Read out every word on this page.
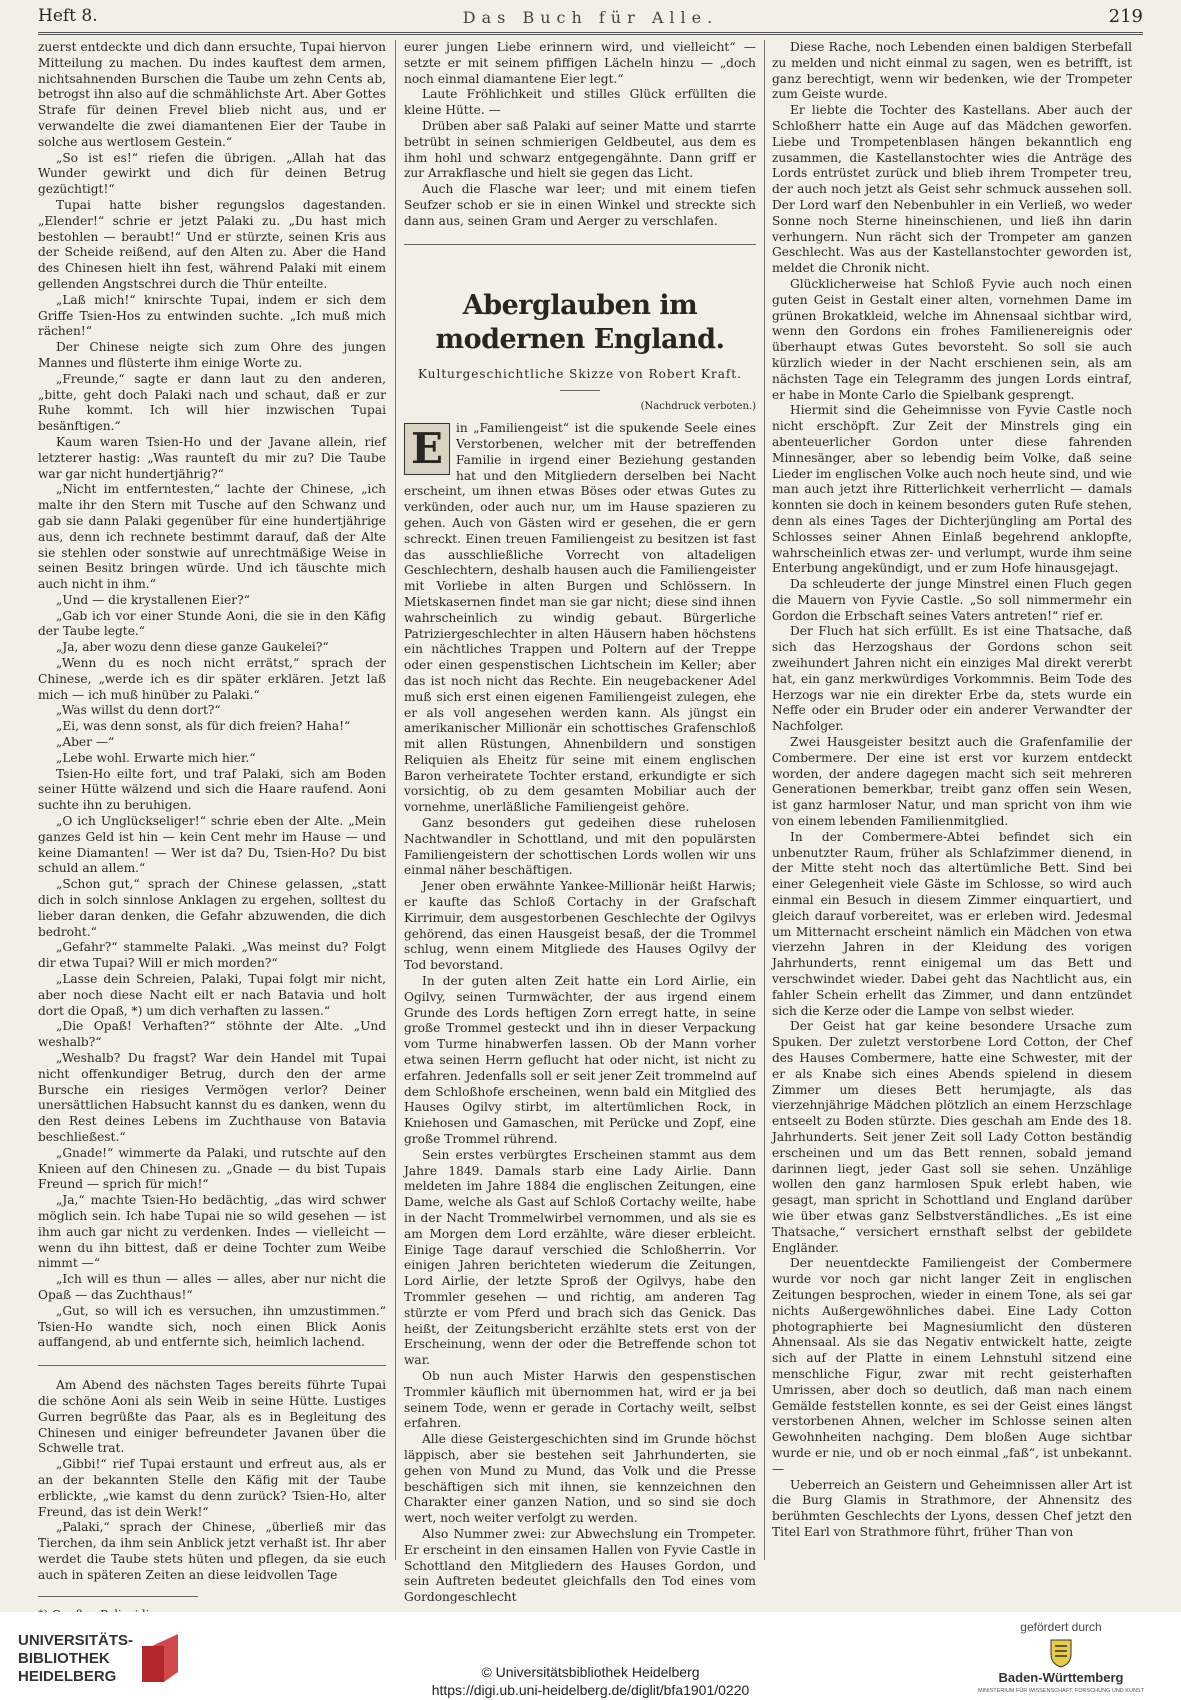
Heft 8.	Das Buch für Alle.	219

zuerst entdeckte und dich dann ersuchte, Tupai hiervon Mitteilung zu machen. Du indes kauftest dem armen, nichtsahnenden Burschen die Taube um zehn Cents ab, betrogst ihn also auf die schmählichste Art. Aber Gottes Strafe für deinen Frevel blieb nicht aus, und er verwandelte die zwei diamantenen Eier der Taube in solche aus wertlosem Gestein.“

„So ist es!“ riefen die übrigen. „Allah hat das Wunder gewirkt und dich für deinen Betrug gezüchtigt!“

Tupai hatte bisher regungslos dagestanden. „Elender!“ schrie er jetzt Palaki zu. „Du hast mich bestohlen — beraubt!“ Und er stürzte, seinen Kris aus der Scheide reißend, auf den Alten zu. Aber die Hand des Chinesen hielt ihn fest, während Palaki mit einem gellenden Angstschrei durch die Thür enteilte.

„Laß mich!“ knirschte Tupai, indem er sich dem Griffe Tsien-Hos zu entwinden suchte. „Ich muß mich rächen!“

Der Chinese neigte sich zum Ohre des jungen Mannes und flüsterte ihm einige Worte zu.

„Freunde,“ sagte er dann laut zu den anderen, „bitte, geht doch Palaki nach und schaut, daß er zur Ruhe kommt. Ich will hier inzwischen Tupai besänftigen.“

Kaum waren Tsien-Ho und der Javane allein, rief letzterer hastig: „Was raunteſt du mir zu? Die Taube war gar nicht hundertjährig?“

„Nicht im entferntesten,“ lachte der Chinese, „ich malte ihr den Stern mit Tusche auf den Schwanz und gab sie dann Palaki gegenüber für eine hundertjährige aus, denn ich rechnete bestimmt darauf, daß der Alte sie stehlen oder sonstwie auf unrechtmäßige Weise in seinen Besitz bringen würde. Und ich täuschte mich auch nicht in ihm.“

„Und — die krystallenen Eier?“

„Gab ich vor einer Stunde Aoni, die sie in den Käfig der Taube legte.“

„Ja, aber wozu denn diese ganze Gaukelei?“

„Wenn du es noch nicht errätst,“ sprach der Chinese, „werde ich es dir später erklären. Jetzt laß mich — ich muß hinüber zu Palaki.“

„Was willst du denn dort?“

„Ei, was denn sonst, als für dich freien? Haha!“

„Aber —“

„Lebe wohl. Erwarte mich hier.“

Tsien-Ho eilte fort, und traf Palaki, sich am Boden seiner Hütte wälzend und sich die Haare raufend. Aoni suchte ihn zu beruhigen.

„O ich Unglückseliger!“ schrie eben der Alte. „Mein ganzes Geld ist hin — kein Cent mehr im Hause — und keine Diamanten! — Wer ist da? Du, Tsien-Ho? Du bist schuld an allem.“

„Schon gut,“ sprach der Chinese gelassen, „statt dich in solch sinnlose Anklagen zu ergehen, solltest du lieber daran denken, die Gefahr abzuwenden, die dich bedroht.“

„Gefahr?“ stammelte Palaki. „Was meinst du? Folgt dir etwa Tupai? Will er mich morden?“

„Lasse dein Schreien, Palaki, Tupai folgt mir nicht, aber noch diese Nacht eilt er nach Batavia und holt dort die Opaß, *) um dich verhaften zu lassen.“

„Die Opaß! Verhaften?“ stöhnte der Alte. „Und weshalb?“

„Weshalb? Du fragst? War dein Handel mit Tupai nicht offenkundiger Betrug, durch den der arme Bursche ein riesiges Vermögen verlor? Deiner unersättlichen Habsucht kannst du es danken, wenn du den Rest deines Lebens im Zuchthause von Batavia beschließest.“

„Gnade!“ wimmerte da Palaki, und rutschte auf den Knieen auf den Chinesen zu. „Gnade — du bist Tupais Freund — sprich für mich!“

„Ja,“ machte Tsien-Ho bedächtig, „das wird schwer möglich sein. Ich habe Tupai nie so wild gesehen — ist ihm auch gar nicht zu verdenken. Indes — vielleicht — wenn du ihn bittest, daß er deine Tochter zum Weibe nimmt —“

„Ich will es thun — alles — alles, aber nur nicht die Opaß — das Zuchthaus!“

„Gut, so will ich es versuchen, ihn umzustimmen.“ Tsien-Ho wandte sich, noch einen Blick Aonis auffangend, ab und entfernte sich, heimlich lachend.

Am Abend des nächsten Tages bereits führte Tupai die schöne Aoni als sein Weib in seine Hütte. Lustiges Gurren begrüßte das Paar, als es in Begleitung des Chinesen und einiger befreundeter Javanen über die Schwelle trat.

„Gibbi!“ rief Tupai erstaunt und erfreut aus, als er an der bekannten Stelle den Käfig mit der Taube erblickte, „wie kamst du denn zurück? Tsien-Ho, alter Freund, das ist dein Werk!“

„Palaki,“ sprach der Chinese, „überließ mir das Tierchen, da ihm sein Anblick jetzt verhaßt ist. Ihr aber werdet die Taube stets hüten und pflegen, da sie euch auch in späteren Zeiten an diese leidvollen Tage

eurer jungen Liebe erinnern wird, und vielleicht“ — setzte er mit seinem pfiffigen Lächeln hinzu — „doch noch einmal diamantene Eier legt.“

Laute Fröhlichkeit und stilles Glück erfüllten die kleine Hütte. —

Drüben aber saß Palaki auf seiner Matte und starrte betrübt in seinen schmierigen Geldbeutel, aus dem es ihm hohl und schwarz entgegengähnte. Dann griff er zur Arrakflasche und hielt sie gegen das Licht.

Auch die Flasche war leer; und mit einem tiefen Seufzer schob er sie in einen Winkel und streckte sich dann aus, seinen Gram und Aerger zu verschlafen.

Aberglauben im modernen England.
Kulturgeschichtliche Skizze von Robert Kraft.
(Nachdruck verboten.)

E	in „Familiengeist“ ist die spukende Seele eines Verstorbenen, welcher mit der betreffenden Familie in irgend einer Beziehung gestanden hat und den Mitgliedern derselben bei Nacht erscheint, um ihnen etwas Böses oder etwas Gutes zu verkünden, oder auch nur, um im Hause spazieren zu gehen. Auch von Gästen wird er gesehen, die er gern schreckt. Einen treuen Familiengeist zu besitzen ist fast das ausschließliche Vorrecht von altadeligen Geschlechtern, deshalb hausen auch die Familiengeister mit Vorliebe in alten Burgen und Schlössern. In Mietskasernen findet man sie gar nicht; diese sind ihnen wahrscheinlich zu windig gebaut. Bürgerliche Patriziergeschlechter in alten Häusern haben höchstens ein nächtliches Trappen und Poltern auf der Treppe oder einen gespenstischen Lichtschein im Keller; aber das ist noch nicht das Rechte. Ein neugebackener Adel muß sich erst einen eigenen Familiengeist zulegen, ehe er als voll angesehen werden kann. Als jüngst ein amerikanischer Millionär ein schottisches Grafenschloß mit allen Rüstungen, Ahnenbildern und sonstigen Reliquien als Eheitz für seine mit einem englischen Baron verheiratete Tochter erstand, erkundigte er sich vorsichtig, ob zu dem gesamten Mobiliar auch der vornehme, unerläßliche Familiengeist gehöre.

Ganz besonders gut gedeihen diese ruhelosen Nachtwandler in Schottland, und mit den populärsten Familiengeistern der schottischen Lords wollen wir uns einmal näher beschäftigen.

Jener oben erwähnte Yankee-Millionär heißt Harwis; er kaufte das Schloß Cortachy in der Grafschaft Kirrimuir, dem ausgestorbenen Geschlechte der Ogilvys gehörend, das einen Hausgeist besaß, der die Trommel schlug, wenn einem Mitgliede des Hauses Ogilvy der Tod bevorstand.

In der guten alten Zeit hatte ein Lord Airlie, ein Ogilvy, seinen Turmwächter, der aus irgend einem Grunde des Lords heftigen Zorn erregt hatte, in seine große Trommel gesteckt und ihn in dieser Verpackung vom Turme hinabwerfen lassen. Ob der Mann vorher etwa seinen Herrn geflucht hat oder nicht, ist nicht zu erfahren. Jedenfalls soll er seit jener Zeit trommelnd auf dem Schloßhofe erscheinen, wenn bald ein Mitglied des Hauses Ogilvy stirbt, im altertümlichen Rock, in Kniehosen und Gamaschen, mit Perücke und Zopf, eine große Trommel rührend.

Sein erstes verbürgtes Erscheinen stammt aus dem Jahre 1849. Damals starb eine Lady Airlie. Dann meldeten im Jahre 1884 die englischen Zeitungen, eine Dame, welche als Gast auf Schloß Cortachy weilte, habe in der Nacht Trommelwirbel vernommen, und als sie es am Morgen dem Lord erzählte, wäre dieser erbleicht. Einige Tage darauf verschied die Schloßherrin. Vor einigen Jahren berichteten wiederum die Zeitungen, Lord Airlie, der letzte Sproß der Ogilvys, habe den Trommler gesehen — und richtig, am anderen Tag stürzte er vom Pferd und brach sich das Genick. Das heißt, der Zeitungsbericht erzählte stets erst von der Erscheinung, wenn der oder die Betreffende schon tot war.

Ob nun auch Mister Harwis den gespenstischen Trommler käuflich mit übernommen hat, wird er ja bei seinem Tode, wenn er gerade in Cortachy weilt, selbst erfahren.

Alle diese Geistergeschichten sind im Grunde höchst läppisch, aber sie bestehen seit Jahrhunderten, sie gehen von Mund zu Mund, das Volk und die Presse beschäftigen sich mit ihnen, sie kennzeichnen den Charakter einer ganzen Nation, und so sind sie doch wert, noch weiter verfolgt zu werden.

Also Nummer zwei: zur Abwechslung ein Trompeter. Er erscheint in den einsamen Hallen von Fyvie Castle in Schottland den Mitgliedern des Hauses Gordon, und sein Auftreten bedeutet gleichfalls den Tod eines vom Gordongeschlecht

Diese Rache, noch Lebenden einen baldigen Sterbefall zu melden und nicht einmal zu sagen, wen es betrifft, ist ganz berechtigt, wenn wir bedenken, wie der Trompeter zum Geiste wurde.

Er liebte die Tochter des Kastellans. Aber auch der Schloßherr hatte ein Auge auf das Mädchen geworfen. Liebe und Trompetenblasen hängen bekanntlich eng zusammen, die Kastellanstochter wies die Anträge des Lords entrüstet zurück und blieb ihrem Trompeter treu, der auch noch jetzt als Geist sehr schmuck aussehen soll. Der Lord warf den Nebenbuhler in ein Verließ, wo weder Sonne noch Sterne hineinschienen, und ließ ihn darin verhungern. Nun rächt sich der Trompeter am ganzen Geschlecht. Was aus der Kastellanstochter geworden ist, meldet die Chronik nicht.

Glücklicherweise hat Schloß Fyvie auch noch einen guten Geist in Gestalt einer alten, vornehmen Dame im grünen Brokatkleid, welche im Ahnensaal sichtbar wird, wenn den Gordons ein frohes Familienereignis oder überhaupt etwas Gutes bevorsteht. So soll sie auch kürzlich wieder in der Nacht erschienen sein, als am nächsten Tage ein Telegramm des jungen Lords eintraf, er habe in Monte Carlo die Spielbank gesprengt.

Hiermit sind die Geheimnisse von Fyvie Castle noch nicht erschöpft. Zur Zeit der Minstrels ging ein abenteuerlicher Gordon unter diese fahrenden Minnesänger, aber so lebendig beim Volke, daß seine Lieder im englischen Volke auch noch heute sind, und wie man auch jetzt ihre Ritterlichkeit verherrlicht — damals konnten sie doch in keinem besonders guten Rufe stehen, denn als eines Tages der Dichterjüngling am Portal des Schlosses seiner Ahnen Einlaß begehrend anklopfte, wahrscheinlich etwas zer- und verlumpt, wurde ihm seine Enterbung angekündigt, und er zum Hofe hinausgejagt.

Da schleuderte der junge Minstrel einen Fluch gegen die Mauern von Fyvie Castle. „So soll nimmermehr ein Gordon die Erbschaft seines Vaters antreten!“ rief er.

Der Fluch hat sich erfüllt. Es ist eine Thatsache, daß sich das Herzogshaus der Gordons schon seit zweihundert Jahren nicht ein einziges Mal direkt vererbt hat, ein ganz merkwürdiges Vorkommnis. Beim Tode des Herzogs war nie ein direkter Erbe da, stets wurde ein Neffe oder ein Bruder oder ein anderer Verwandter der Nachfolger.

Zwei Hausgeister besitzt auch die Grafenfamilie der Combermere. Der eine ist erst vor kurzem entdeckt worden, der andere dagegen macht sich seit mehreren Generationen bemerkbar, treibt ganz offen sein Wesen, ist ganz harmloser Natur, und man spricht von ihm wie von einem lebenden Familienmitglied.

In der Combermere-Abtei befindet sich ein unbenutzter Raum, früher als Schlafzimmer dienend, in der Mitte steht noch das altertümliche Bett. Sind bei einer Gelegenheit viele Gäste im Schlosse, so wird auch einmal ein Besuch in diesem Zimmer einquartiert, und gleich darauf vorbereitet, was er erleben wird. Jedesmal um Mitternacht erscheint nämlich ein Mädchen von etwa vierzehn Jahren in der Kleidung des vorigen Jahrhunderts, rennt einigemal um das Bett und verschwindet wieder. Dabei geht das Nachtlicht aus, ein fahler Schein erhellt das Zimmer, und dann entzündet sich die Kerze oder die Lampe von selbst wieder.

Der Geist hat gar keine besondere Ursache zum Spuken. Der zuletzt verstorbene Lord Cotton, der Chef des Hauses Combermere, hatte eine Schwester, mit der er als Knabe sich eines Abends spielend in diesem Zimmer um dieses Bett herumjagte, als das vierzehnjährige Mädchen plötzlich an einem Herzschlage entseelt zu Boden stürzte. Dies geschah am Ende des 18. Jahrhunderts. Seit jener Zeit soll Lady Cotton beständig erscheinen und um das Bett rennen, sobald jemand darinnen liegt, jeder Gast soll sie sehen. Unzählige wollen den ganz harmlosen Spuk erlebt haben, wie gesagt, man spricht in Schottland und England darüber wie über etwas ganz Selbstverständliches. „Es ist eine Thatsache,“ versichert ernsthaft selbst der gebildete Engländer.

Der neuentdeckte Familiengeist der Combermere wurde vor noch gar nicht langer Zeit in englischen Zeitungen besprochen, wieder in einem Tone, als sei gar nichts Außergewöhnliches dabei. Eine Lady Cotton photographierte bei Magnesiumlicht den düsteren Ahnensaal. Als sie das Negativ entwickelt hatte, zeigte sich auf der Platte in einem Lehnstuhl sitzend eine menschliche Figur, zwar mit recht geisterhaften Umrissen, aber doch so deutlich, daß man nach einem Gemälde feststellen konnte, es sei der Geist eines längst verstorbenen Ahnen, welcher im Schlosse seinen alten Gewohnheiten nachging. Dem bloßen Auge sichtbar wurde er nie, und ob er noch einmal „faß“, ist unbekannt. —

Ueberreich an Geistern und Geheimnissen aller Art ist die Burg Glamis in Strathmore, der Ahnensitz des berühmten Geschlechts der Lyons, dessen Chef jetzt den Titel Earl von Strathmore führt, früher Than von

UNIVERSITÄTS-
BIBLIOTHEK
HEIDELBERG	© Universitätsbibliothek Heidelberg
https://digi.ub.uni-heidelberg.de/diglit/bfa1901/0220
gefördert durch
Baden-Württemberg
MINISTERIUM FÜR WISSENSCHAFT, FORSCHUNG UND KUNST
